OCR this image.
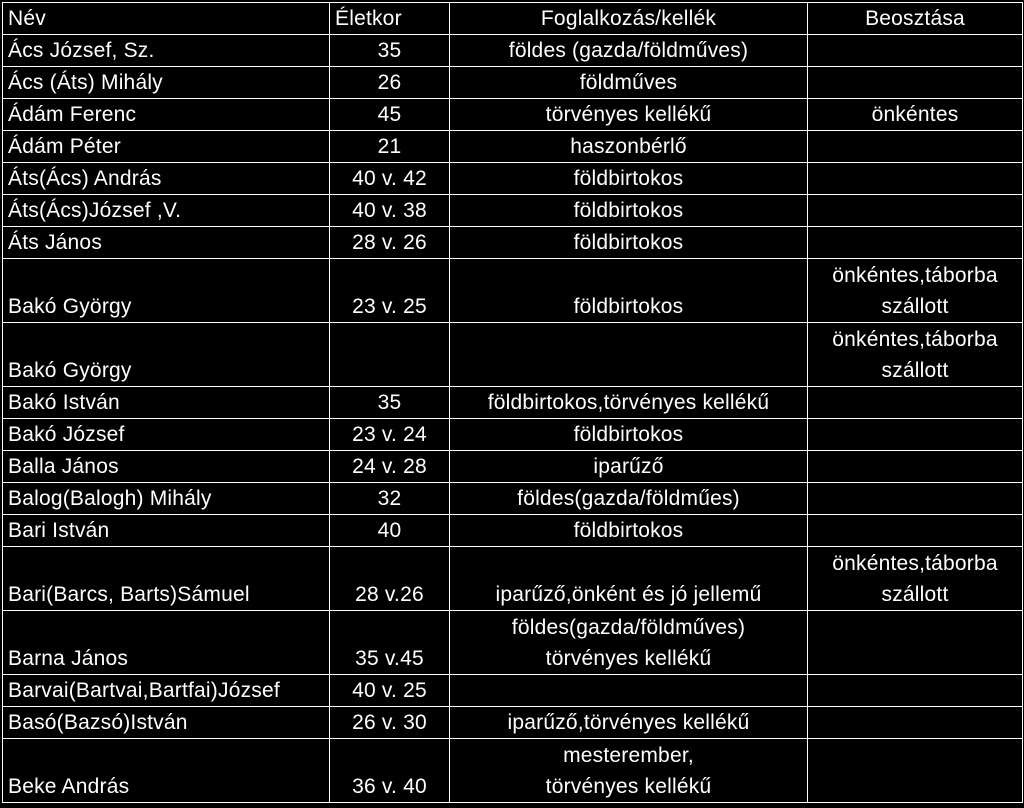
Név	Életkor	Foglalkozás/kellék	Beosztása
Ács József, Sz.	35	földes (gazda/földműves)	

Ács (Áts) Mihály	26	földműves	

Ádám Ferenc	45	törvényes kellékű	önkéntes

Ádám Péter	21	haszonbérlő	

Áts(Ács) András	40 v. 42	földbirtokos	

Áts(Ács)József ,V.	40 v. 38	földbirtokos	

Áts János	28 v. 26	földbirtokos	

Bakó György	23 v. 25	földbirtokos	önkéntes,táborba
szállott

Bakó György			önkéntes,táborba
szállott

Bakó István	35	földbirtokos,törvényes kellékű	

Bakó József	23 v. 24	földbirtokos	

Balla János	24 v. 28	iparűző	

Balog(Balogh) Mihály	32	földes(gazda/földműes)	

Bari István	40	földbirtokos	

Bari(Barcs, Barts)Sámuel	28 v.26	iparűző,önként és jó jellemű	önkéntes,táborba
szállott

Barna János	35 v.45	földes(gazda/földműves)
törvényes kellékű	

Barvai(Bartvai,Bartfai)József	40 v. 25		
Basó(Bazsó)István	26 v. 30	iparűző,törvényes kellékű	

Beke András	36 v. 40	mesterember,
törvényes kellékű	
